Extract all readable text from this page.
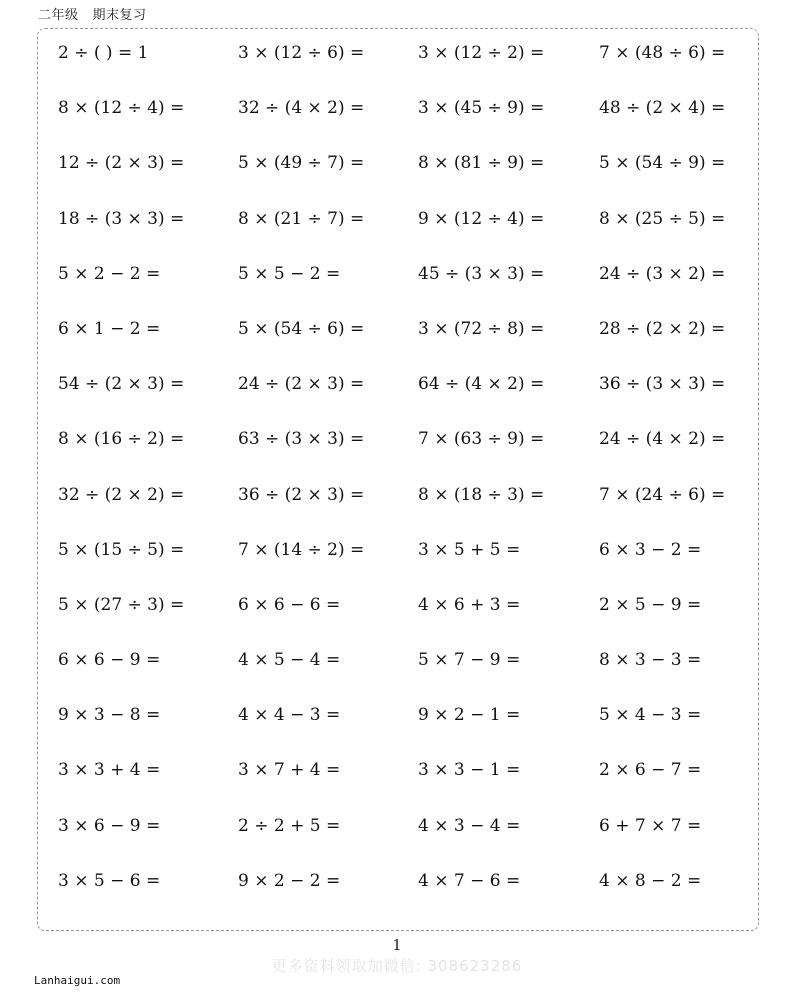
二年级 期末复习
2 ÷ ( ) = 1	3 × (12 ÷ 6) =	3 × (12 ÷ 2) =	7 × (48 ÷ 6) =
8 × (12 ÷ 4) =	32 ÷ (4 × 2) =	3 × (45 ÷ 9) =	48 ÷ (2 × 4) =
12 ÷ (2 × 3) =	5 × (49 ÷ 7) =	8 × (81 ÷ 9) =	5 × (54 ÷ 9) =
18 ÷ (3 × 3) =	8 × (21 ÷ 7) =	9 × (12 ÷ 4) =	8 × (25 ÷ 5) =
5 × 2 − 2 =	5 × 5 − 2 =	45 ÷ (3 × 3) =	24 ÷ (3 × 2) =
6 × 1 − 2 =	5 × (54 ÷ 6) =	3 × (72 ÷ 8) =	28 ÷ (2 × 2) =
54 ÷ (2 × 3) =	24 ÷ (2 × 3) =	64 ÷ (4 × 2) =	36 ÷ (3 × 3) =
8 × (16 ÷ 2) =	63 ÷ (3 × 3) =	7 × (63 ÷ 9) =	24 ÷ (4 × 2) =
32 ÷ (2 × 2) =	36 ÷ (2 × 3) =	8 × (18 ÷ 3) =	7 × (24 ÷ 6) =
5 × (15 ÷ 5) =	7 × (14 ÷ 2) =	3 × 5 + 5 =	6 × 3 − 2 =
5 × (27 ÷ 3) =	6 × 6 − 6 =	4 × 6 + 3 =	2 × 5 − 9 =
6 × 6 − 9 =	4 × 5 − 4 =	5 × 7 − 9 =	8 × 3 − 3 =
9 × 3 − 8 =	4 × 4 − 3 =	9 × 2 − 1 =	5 × 4 − 3 =
3 × 3 + 4 =	3 × 7 + 4 =	3 × 3 − 1 =	2 × 6 − 7 =
3 × 6 − 9 =	2 ÷ 2 + 5 =	4 × 3 − 4 =	6 + 7 × 7 =
3 × 5 − 6 =	9 × 2 − 2 =	4 × 7 − 6 =	4 × 8 − 2 =
1
更多资料领取加微信: 308623286
Lanhaigui.com
